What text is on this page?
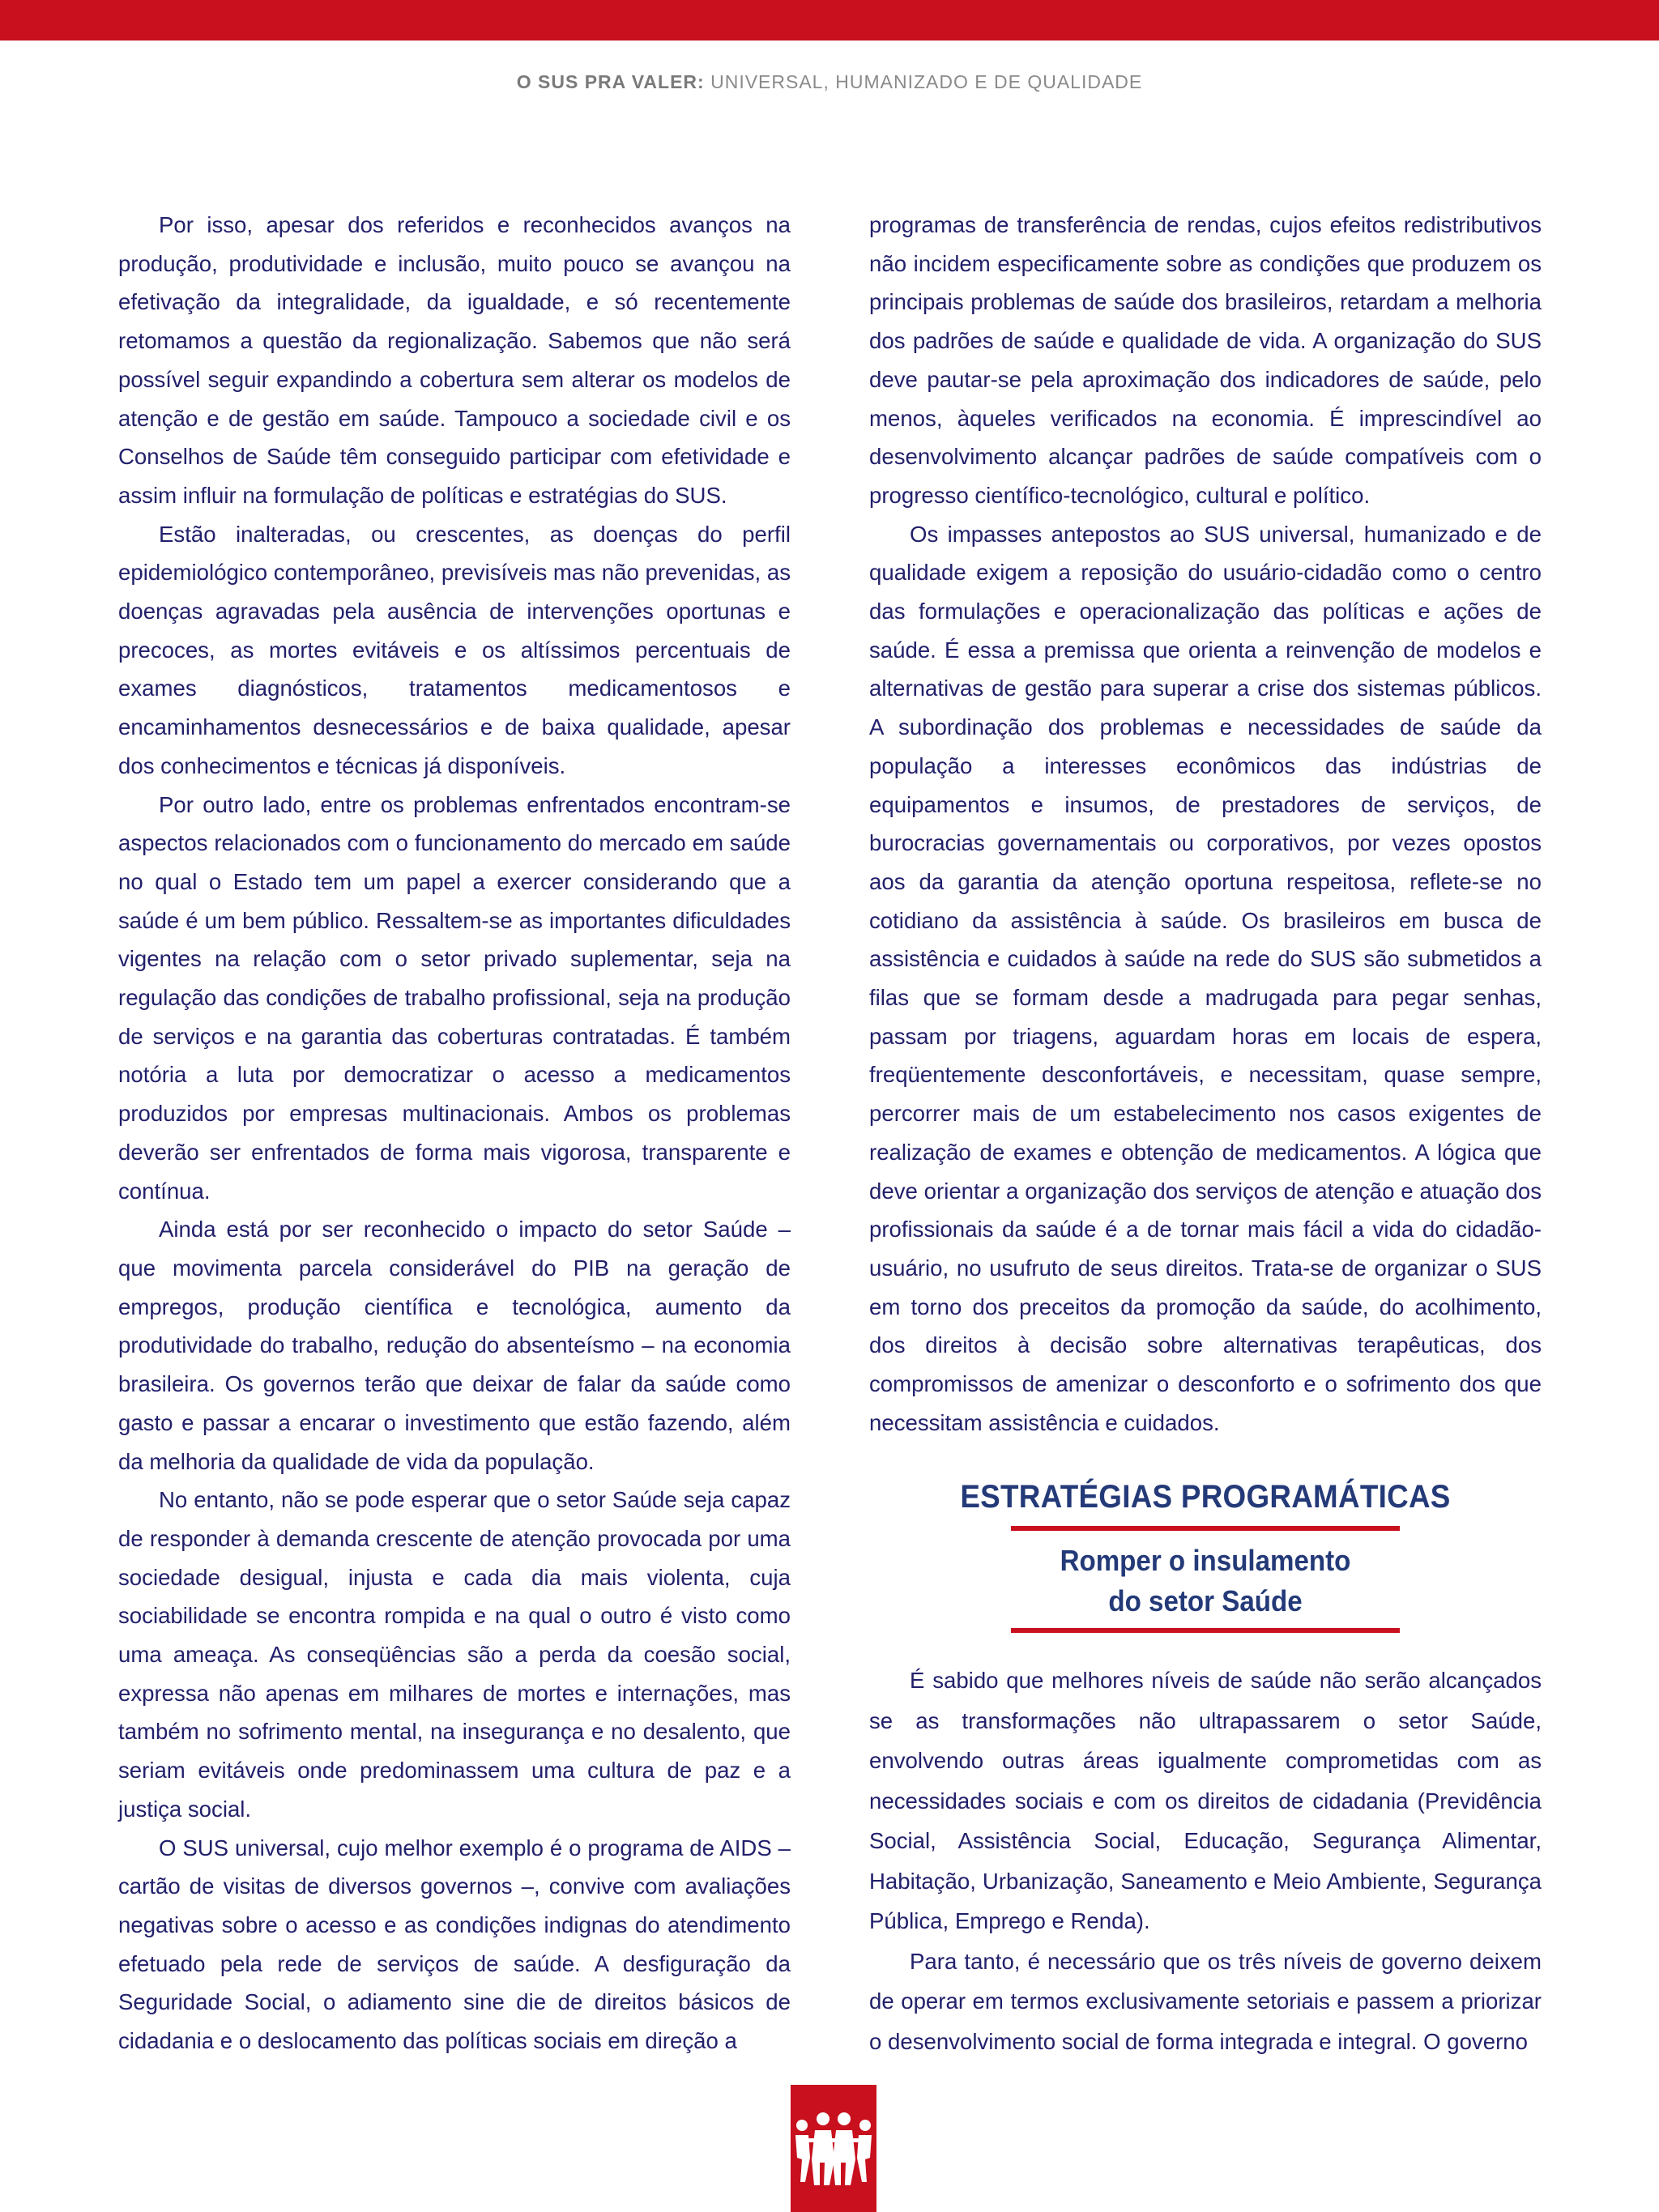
O SUS PRA VALER: UNIVERSAL, HUMANIZADO E DE QUALIDADE

Por isso, apesar dos referidos e reconhecidos avanços na produção, produtividade e inclusão, muito pouco se avançou na efetivação da integralidade, da igualdade, e só recentemente retomamos a questão da regionalização. Sabemos que não será possível seguir expandindo a cobertura sem alterar os modelos de atenção e de gestão em saúde. Tampouco a sociedade civil e os Conselhos de Saúde têm conseguido participar com efetividade e assim influir na formulação de políticas e estratégias do SUS.

Estão inalteradas, ou crescentes, as doenças do perfil epidemiológico contemporâneo, previsíveis mas não prevenidas, as doenças agravadas pela ausência de intervenções oportunas e precoces, as mortes evitáveis e os altíssimos percentuais de exames diagnósticos, tratamentos medicamentosos e encaminhamentos desnecessários e de baixa qualidade, apesar dos conhecimentos e técnicas já disponíveis.

Por outro lado, entre os problemas enfrentados encontram-se aspectos relacionados com o funcionamento do mercado em saúde no qual o Estado tem um papel a exercer considerando que a saúde é um bem público. Ressaltem-se as importantes dificuldades vigentes na relação com o setor privado suplementar, seja na regulação das condições de trabalho profissional, seja na produção de serviços e na garantia das coberturas contratadas. É também notória a luta por democratizar o acesso a medicamentos produzidos por empresas multinacionais. Ambos os problemas deverão ser enfrentados de forma mais vigorosa, transparente e contínua.

Ainda está por ser reconhecido o impacto do setor Saúde – que movimenta parcela considerável do PIB na geração de empregos, produção científica e tecnológica, aumento da produtividade do trabalho, redução do absenteísmo – na economia brasileira. Os governos terão que deixar de falar da saúde como gasto e passar a encarar o investimento que estão fazendo, além da melhoria da qualidade de vida da população.

No entanto, não se pode esperar que o setor Saúde seja capaz de responder à demanda crescente de atenção provocada por uma sociedade desigual, injusta e cada dia mais violenta, cuja sociabilidade se encontra rompida e na qual o outro é visto como uma ameaça. As conseqüências são a perda da coesão social, expressa não apenas em milhares de mortes e internações, mas também no sofrimento mental, na insegurança e no desalento, que seriam evitáveis onde predominassem uma cultura de paz e a justiça social.

O SUS universal, cujo melhor exemplo é o programa de AIDS – cartão de visitas de diversos governos –, convive com avaliações negativas sobre o acesso e as condições indignas do atendimento efetuado pela rede de serviços de saúde. A desfiguração da Seguridade Social, o adiamento sine die de direitos básicos de cidadania e o deslocamento das políticas sociais em direção a

programas de transferência de rendas, cujos efeitos redistributivos não incidem especificamente sobre as condições que produzem os principais problemas de saúde dos brasileiros, retardam a melhoria dos padrões de saúde e qualidade de vida. A organização do SUS deve pautar-se pela aproximação dos indicadores de saúde, pelo menos, àqueles verificados na economia. É imprescindível ao desenvolvimento alcançar padrões de saúde compatíveis com o progresso científico-tecnológico, cultural e político.

Os impasses antepostos ao SUS universal, humanizado e de qualidade exigem a reposição do usuário-cidadão como o centro das formulações e operacionalização das políticas e ações de saúde. É essa a premissa que orienta a reinvenção de modelos e alternativas de gestão para superar a crise dos sistemas públicos. A subordinação dos problemas e necessidades de saúde da população a interesses econômicos das indústrias de equipamentos e insumos, de prestadores de serviços, de burocracias governamentais ou corporativos, por vezes opostos aos da garantia da atenção oportuna respeitosa, reflete-se no cotidiano da assistência à saúde. Os brasileiros em busca de assistência e cuidados à saúde na rede do SUS são submetidos a filas que se formam desde a madrugada para pegar senhas, passam por triagens, aguardam horas em locais de espera, freqüentemente desconfortáveis, e necessitam, quase sempre, percorrer mais de um estabelecimento nos casos exigentes de realização de exames e obtenção de medicamentos. A lógica que deve orientar a organização dos serviços de atenção e atuação dos profissionais da saúde é a de tornar mais fácil a vida do cidadão-usuário, no usufruto de seus direitos. Trata-se de organizar o SUS em torno dos preceitos da promoção da saúde, do acolhimento, dos direitos à decisão sobre alternativas terapêuticas, dos compromissos de amenizar o desconforto e o sofrimento dos que necessitam assistência e cuidados.

ESTRATÉGIAS PROGRAMÁTICAS
Romper o insulamento
do setor Saúde

É sabido que melhores níveis de saúde não serão alcançados se as transformações não ultrapassarem o setor Saúde, envolvendo outras áreas igualmente comprometidas com as necessidades sociais e com os direitos de cidadania (Previdência Social, Assistência Social, Educação, Segurança Alimentar, Habitação, Urbanização, Saneamento e Meio Ambiente, Segurança Pública, Emprego e Renda).

Para tanto, é necessário que os três níveis de governo deixem de operar em termos exclusivamente setoriais e passem a priorizar o desenvolvimento social de forma integrada e integral. O governo
